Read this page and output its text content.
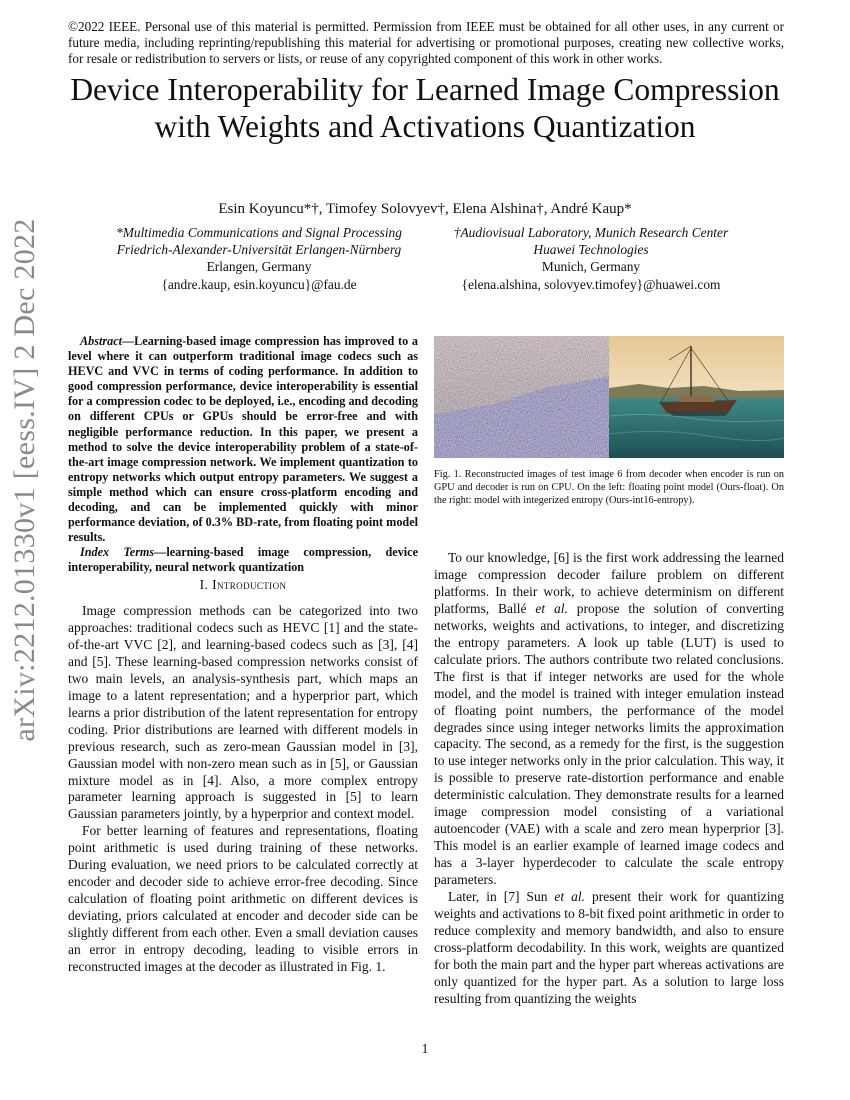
©2022 IEEE. Personal use of this material is permitted. Permission from IEEE must be obtained for all other uses, in any current or future media, including reprinting/republishing this material for advertising or promotional purposes, creating new collective works, for resale or redistribution to servers or lists, or reuse of any copyrighted component of this work in other works.
Device Interoperability for Learned Image Compression with Weights and Activations Quantization
Esin Koyuncu*†, Timofey Solovyev†, Elena Alshina†, André Kaup*
*Multimedia Communications and Signal Processing
Friedrich-Alexander-Universität Erlangen-Nürnberg
Erlangen, Germany
{andre.kaup, esin.koyuncu}@fau.de
†Audiovisual Laboratory, Munich Research Center
Huawei Technologies
Munich, Germany
{elena.alshina, solovyev.timofey}@huawei.com
arXiv:2212.01330v1 [eess.IV] 2 Dec 2022	Abstract—Learning-based image compression has improved to a level where it can outperform traditional image codecs such as HEVC and VVC in terms of coding performance. In addition to good compression performance, device interoperability is essential for a compression codec to be deployed, i.e., encoding and decoding on different CPUs or GPUs should be error-free and with negligible performance reduction. In this paper, we present a method to solve the device interoperability problem of a state-of-the-art image compression network. We implement quantization to entropy networks which output entropy parameters. We suggest a simple method which can ensure cross-platform encoding and decoding, and can be implemented quickly with minor performance deviation, of 0.3% BD-rate, from floating point model results.

Index Terms—learning-based image compression, device interoperability, neural network quantization

I. Introduction

Image compression methods can be categorized into two approaches: traditional codecs such as HEVC [1] and the state-of-the-art VVC [2], and learning-based codecs such as [3], [4] and [5]. These learning-based compression networks consist of two main levels, an analysis-synthesis part, which maps an image to a latent representation; and a hyperprior part, which learns a prior distribution of the latent representation for entropy coding. Prior distributions are learned with different models in previous research, such as zero-mean Gaussian model in [3], Gaussian model with non-zero mean such as in [5], or Gaussian mixture model as in [4]. Also, a more complex entropy parameter learning approach is suggested in [5] to learn Gaussian parameters jointly, by a hyperprior and context model.

For better learning of features and representations, floating point arithmetic is used during training of these networks. During evaluation, we need priors to be calculated correctly at encoder and decoder side to achieve error-free decoding. Since calculation of floating point arithmetic on different devices is deviating, priors calculated at encoder and decoder side can be slightly different from each other. Even a small deviation causes an error in entropy decoding, leading to visible errors in reconstructed images at the decoder as illustrated in Fig. 1.

Fig. 1. Reconstructed images of test image 6 from decoder when encoder is run on GPU and decoder is run on CPU. On the left: floating point model (Ours-float). On the right: model with integerized entropy (Ours-int16-entropy).

To our knowledge, [6] is the first work addressing the learned image compression decoder failure problem on different platforms. In their work, to achieve determinism on different platforms, Ballé et al. propose the solution of converting networks, weights and activations, to integer, and discretizing the entropy parameters. A look up table (LUT) is used to calculate priors. The authors contribute two related conclusions. The first is that if integer networks are used for the whole model, and the model is trained with integer emulation instead of floating point numbers, the performance of the model degrades since using integer networks limits the approximation capacity. The second, as a remedy for the first, is the suggestion to use integer networks only in the prior calculation. This way, it is possible to preserve rate-distortion performance and enable deterministic calculation. They demonstrate results for a learned image compression model consisting of a variational autoencoder (VAE) with a scale and zero mean hyperprior [3]. This model is an earlier example of learned image codecs and has a 3-layer hyperdecoder to calculate the scale entropy parameters.

Later, in [7] Sun et al. present their work for quantizing weights and activations to 8-bit fixed point arithmetic in order to reduce complexity and memory bandwidth, and also to ensure cross-platform decodability. In this work, weights are quantized for both the main part and the hyper part whereas activations are only quantized for the hyper part. As a solution to large loss resulting from quantizing the weights

1
